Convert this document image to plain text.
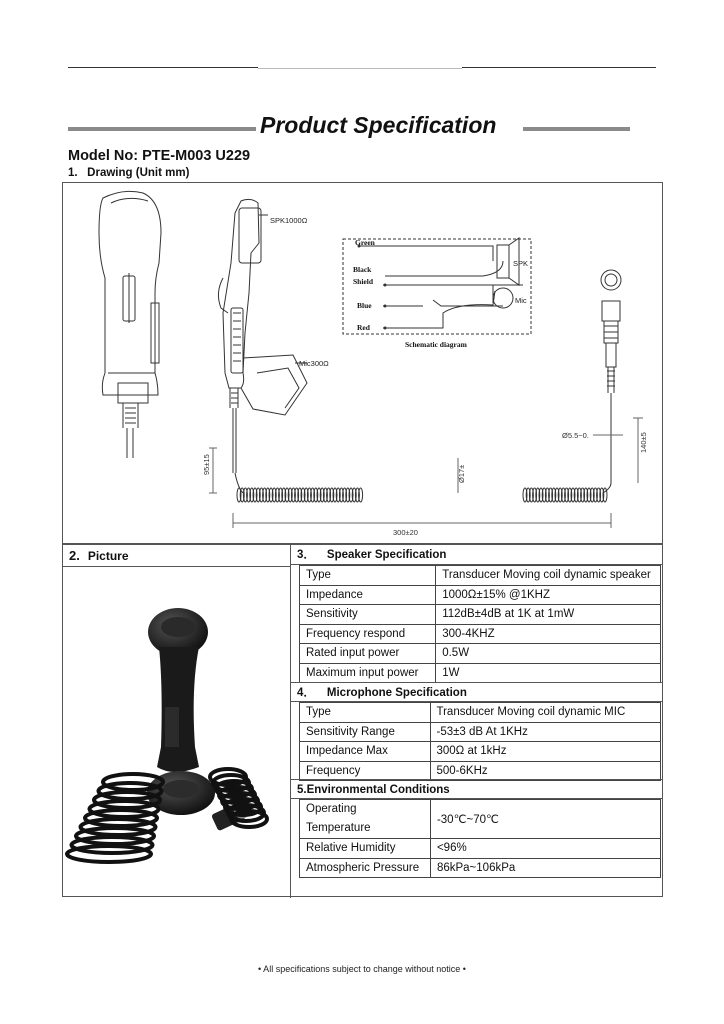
Product Specification
Model No: PTE-M003 U229
1.   Drawing (Unit mm)
SPK1000Ω
Mic300Ω
SPK
Mic
Green
Black
Shield
Blue
Red
Schematic diagram
95±15	Ø17±
300±20
Ø5.5~0.	140±5
2. Picture	3． Speaker Specification
Type	Transducer Moving coil dynamic speaker
Impedance	1000Ω±15% @1KHZ
Sensitivity	112dB±4dB at 1K at 1mW
Frequency respond	300-4KHZ
Rated input power	0.5W
Maximum input power	1W
4． Microphone Specification
Type	Transducer Moving coil dynamic MIC
Sensitivity Range	-53±3 dB At 1KHz
Impedance Max	300Ω at 1kHz
Frequency	500-6KHz
5.Environmental Conditions
Operating
Temperature	-30℃~70℃
Relative Humidity	<96%
Atmospheric Pressure	86kPa~106kPa
• All specifications subject to change without notice •
